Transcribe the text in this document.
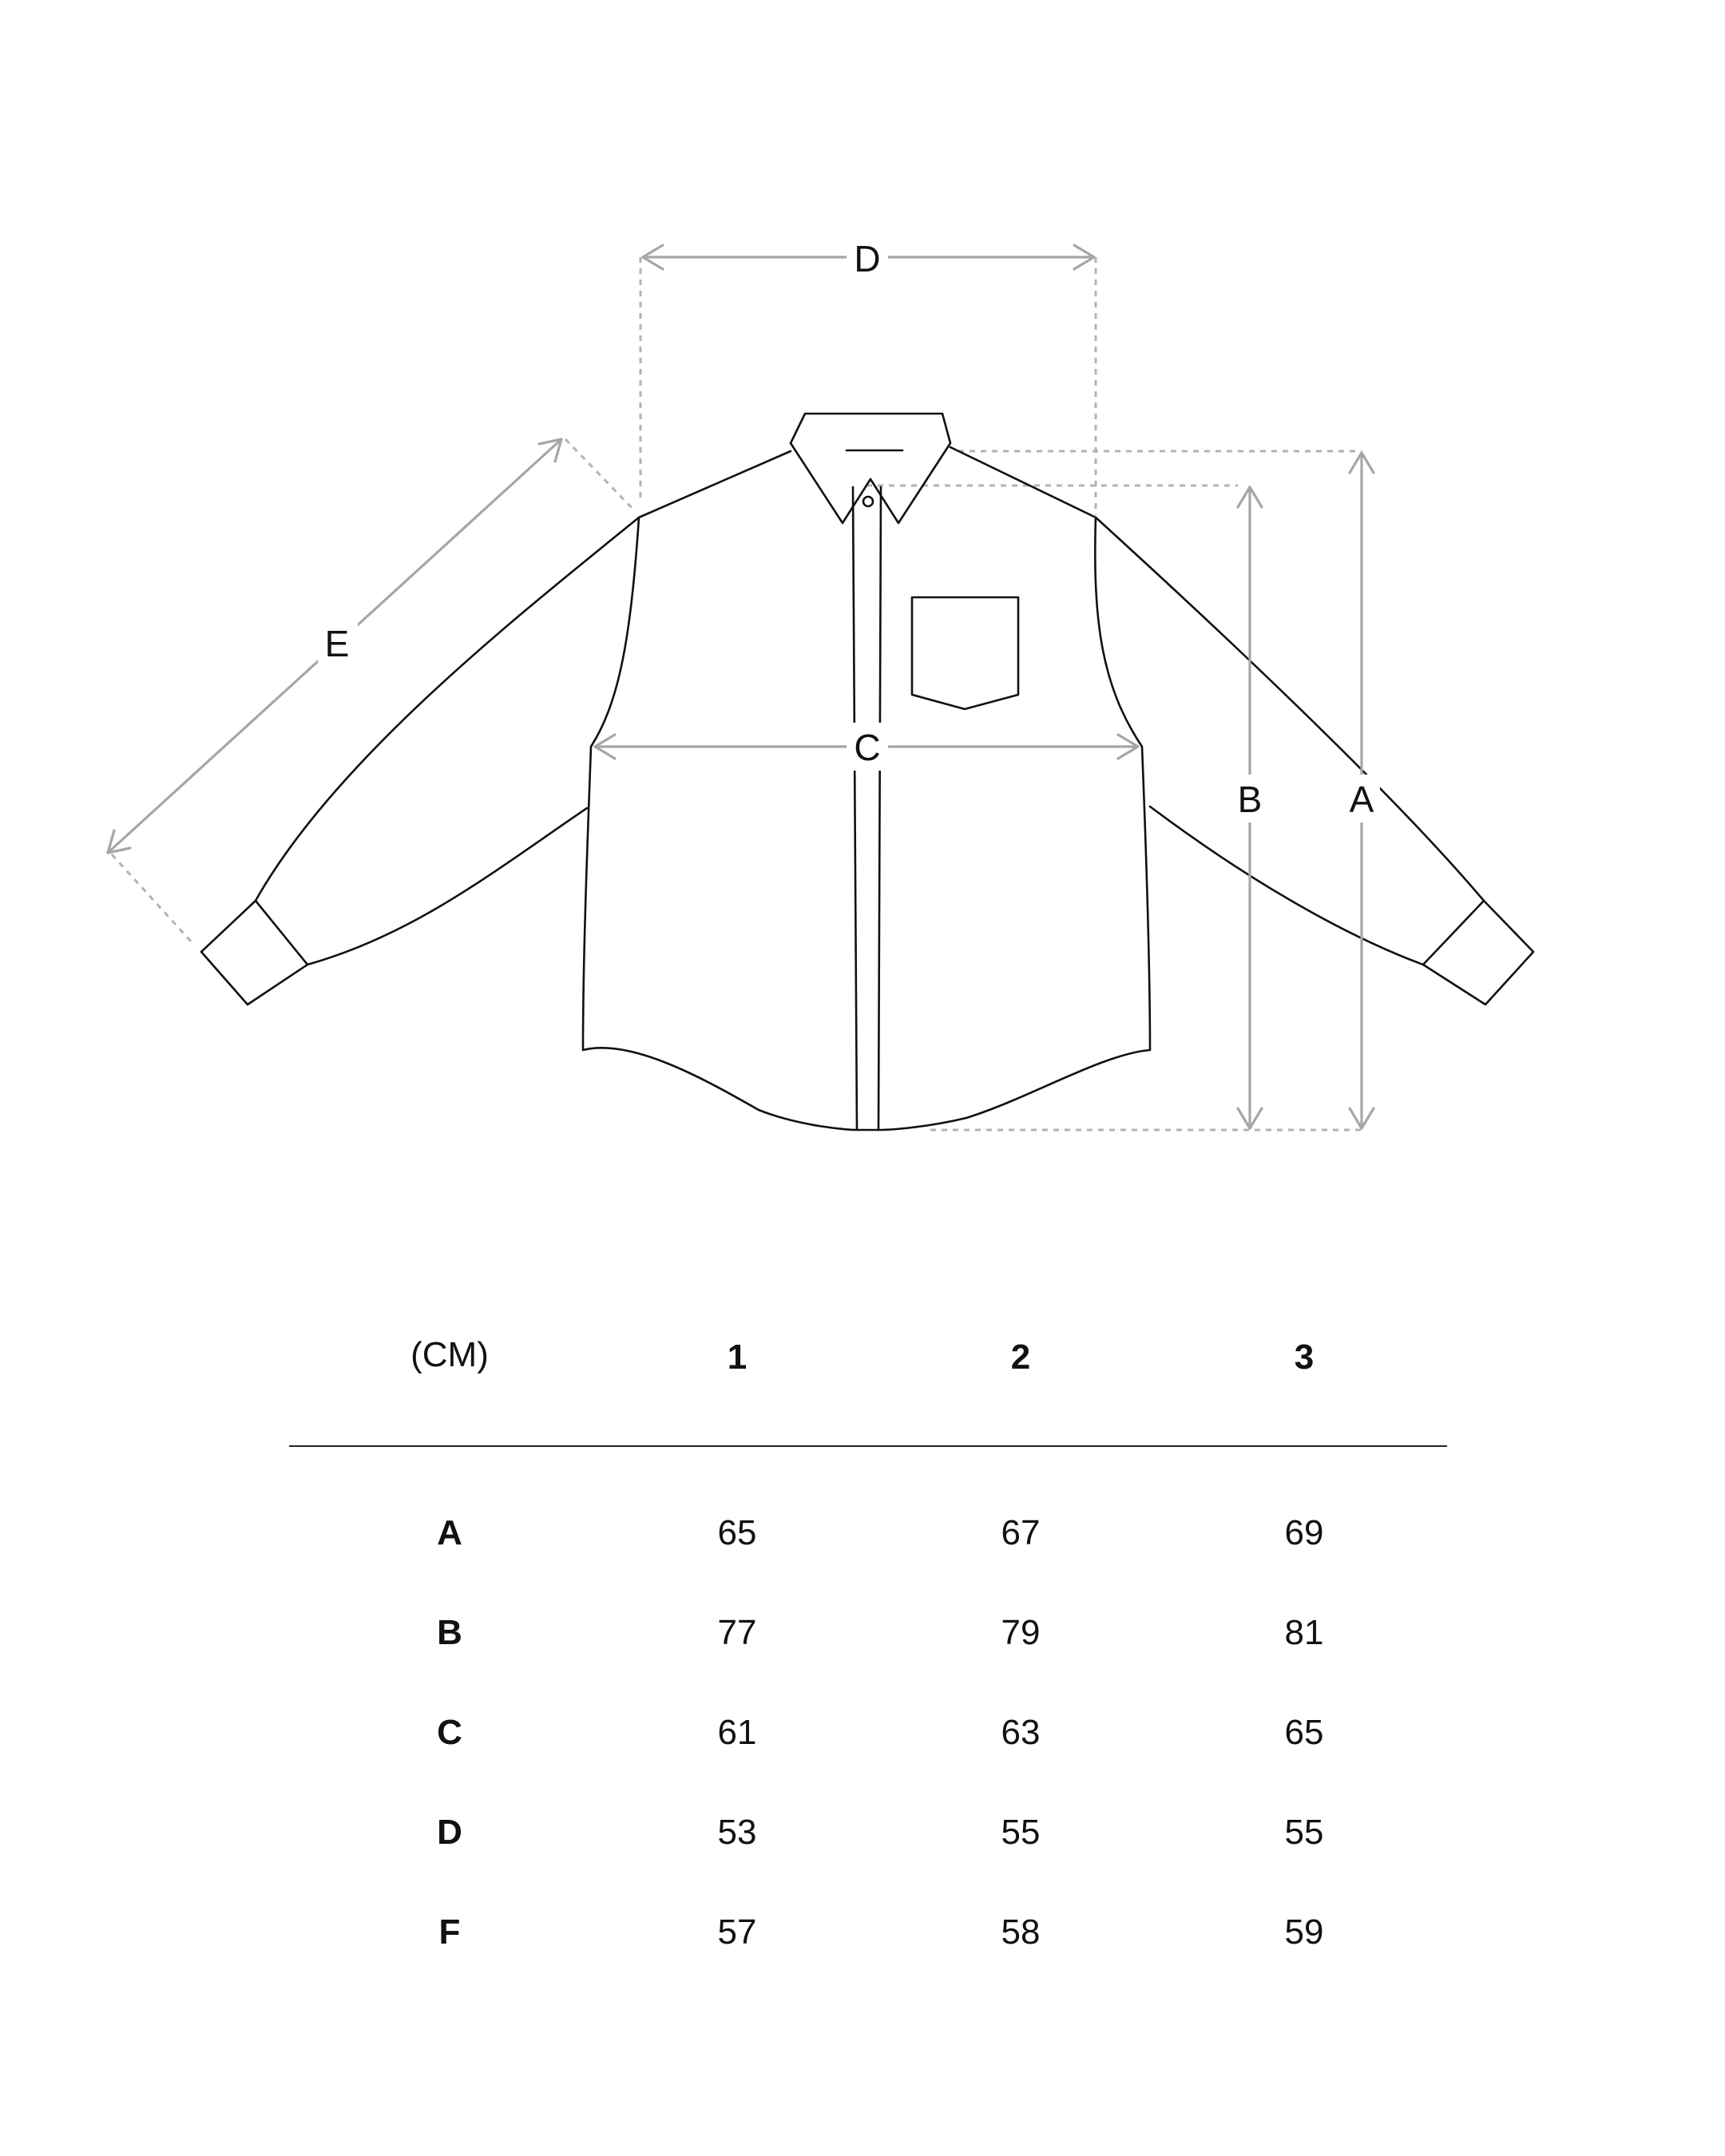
D
C
B A
E
(CM)	1	2	3
A	65	67	69
B	77	79	81
C	61	63	65
D	53	55	55
F	57	58	59
